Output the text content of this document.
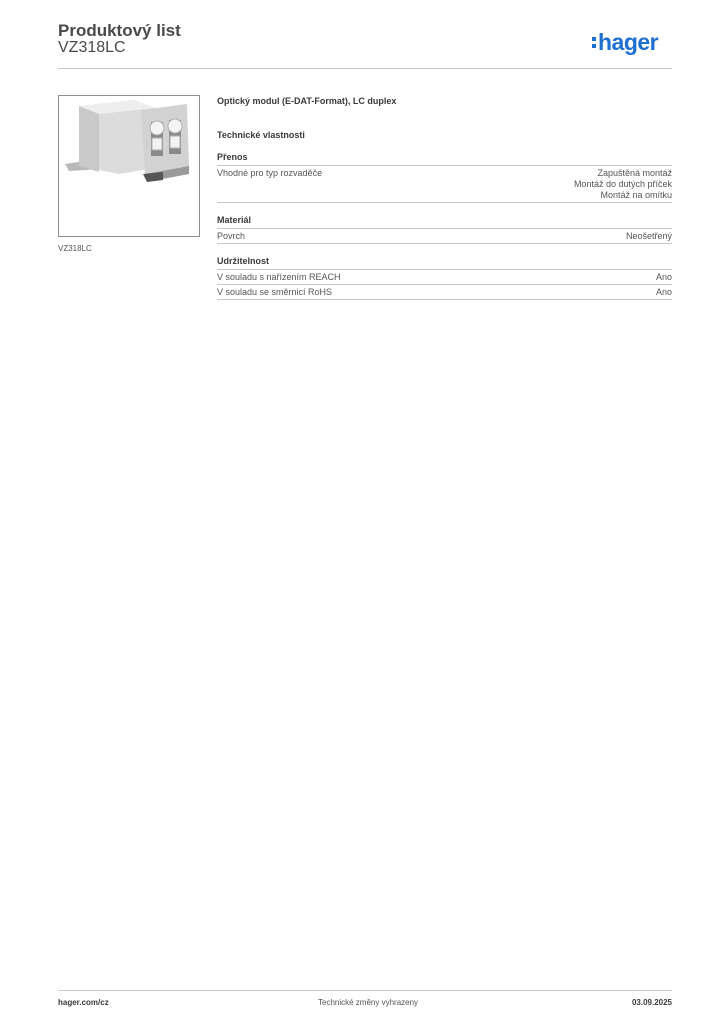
Produktový list
VZ318LC	hager
VZ318LC
Optický modul (E-DAT-Format), LC duplex
Technické vlastnosti
Přenos
Vhodné pro typ rozvaděče	Zapuštěná montáž
Montáž do dutých příček
Montáž na omítku
Materiál
Povrch	Neošetřený
Udržitelnost
V souladu s nařízením REACH	Ano
V souladu se směrnicí RoHS	Ano
hager.com/cz	Technické změny vyhrazeny	03.09.2025
